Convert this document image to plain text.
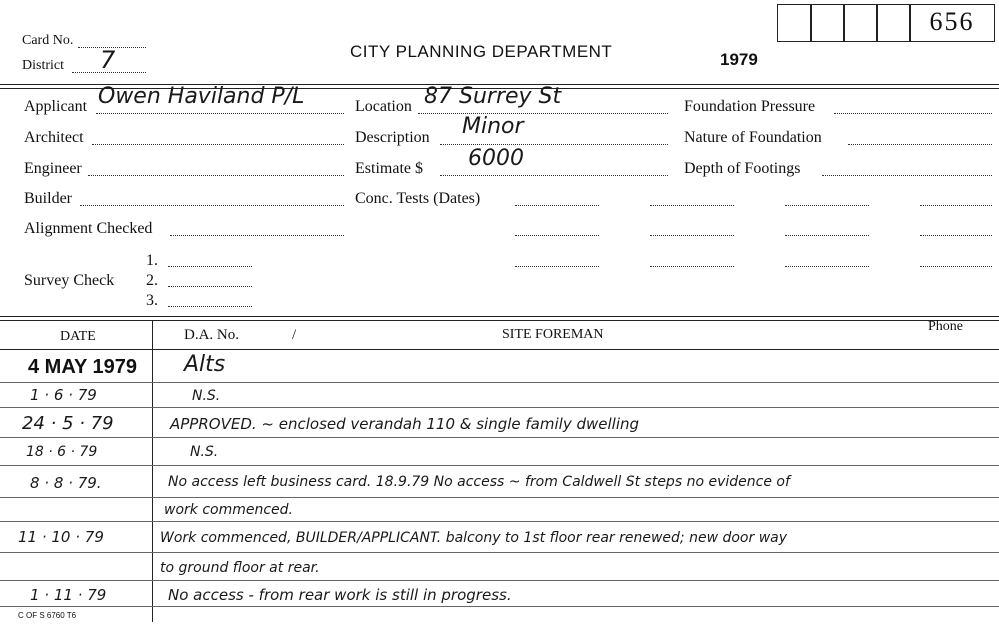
656
Card No.
District 7	CITY PLANNING DEPARTMENT	1979
Applicant Owen Haviland P/L
Architect
Engineer
Builder
Alignment Checked
Survey Check
1.
2.
3.
Location 87 Surrey St
Description Minor
Estimate $ 6000
Conc. Tests (Dates)
Foundation Pressure
Nature of Foundation
Depth of Footings
DATE	D.A. No.	/	SITE FOREMAN
Phone
4 MAY 1979 Alts
1 · 6 · 79	N.S.
24 · 5 · 79	APPROVED. ~ enclosed verandah 110 & single family dwelling
18 · 6 · 79	N.S.
8 · 8 · 79.	No access left business card. 18.9.79 No access ~ from Caldwell St steps no evidence of
work commenced.
11 · 10 · 79	Work commenced, BUILDER/APPLICANT. balcony to 1st floor rear renewed; new door way
to ground floor at rear.
1 · 11 · 79	No access - from rear work is still in progress.
C OF S 6760 T6
